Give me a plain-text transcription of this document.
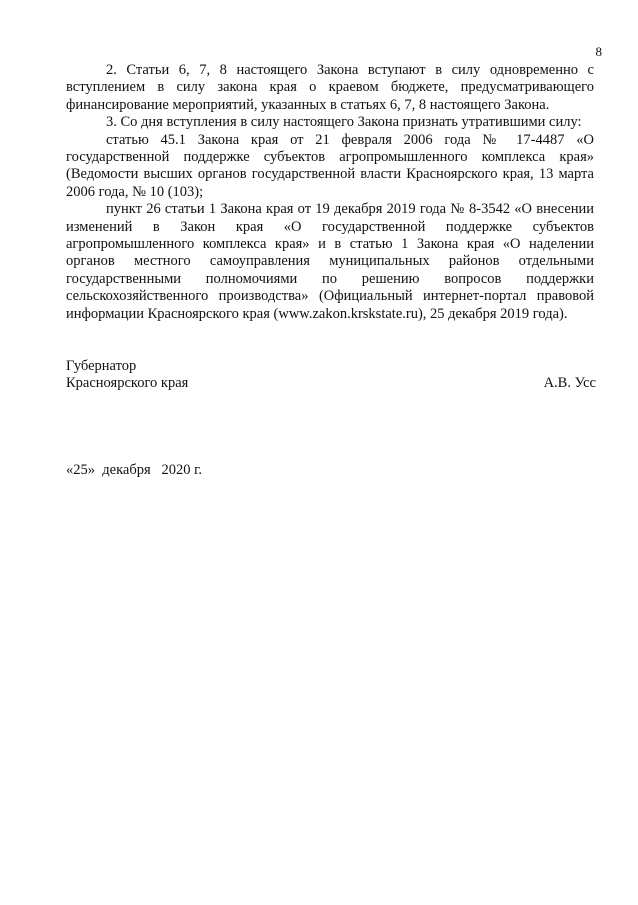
8

2. Статьи 6, 7, 8 настоящего Закона вступают в силу одновременно с вступлением в силу закона края о краевом бюджете, предусматривающего финансирование мероприятий, указанных в статьях 6, 7, 8 настоящего Закона.

3. Со дня вступления в силу настоящего Закона признать утратившими силу:

статью 45.1 Закона края от 21 февраля 2006 года № 17-4487 «О государственной поддержке субъектов агропромышленного комплекса края» (Ведомости высших органов государственной власти Красноярского края, 13 марта 2006 года, № 10 (103);

пункт 26 статьи 1 Закона края от 19 декабря 2019 года № 8-3542 «О внесении изменений в Закон края «О государственной поддержке субъектов агропромышленного комплекса края» и в статью 1 Закона края «О наделении органов местного самоуправления муниципальных районов отдельными государственными полномочиями по решению вопросов поддержки сельскохозяйственного производства» (Официальный интернет-портал правовой информации Красноярского края (www.zakon.krskstate.ru), 25 декабря 2019 года).

Губернатор
Красноярского края	А.В. Усс
«25»  декабря   2020 г.
